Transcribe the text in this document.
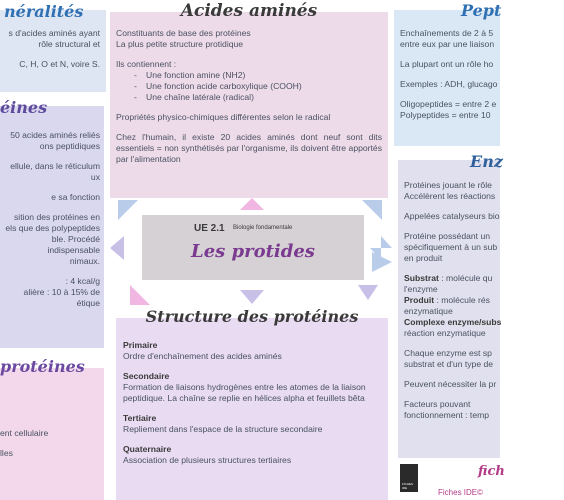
néralités

s d'acides aminés ayant

rôle structural et

C, H, O et N, voire S.

éines

50 acides aminés reliés

ons peptidiques

ellule, dans le réticulum

ux

e sa fonction

sition des protéines en

els que des polypeptides

ble. Procédé indispensable

nimaux.

: 4 kcal/g

alière : 10 à 15% de

étique

protéines

ent cellulaire

lles

Acides aminés

Constituants de base des protéines

La plus petite structure protidique

Ils contiennent :

- Une fonction amine (NH2)
- Une fonction acide carboxylique (COOH)
- Une chaîne latérale (radical)

Propriétés physico-chimiques différentes selon le radical

Chez l'humain, il existe 20 acides aminés dont neuf sont dits essentiels = non synthétisés par l'organisme, ils doivent être apportés par l'alimentation

UE 2.1 Biologie fondamentale
Les protides
Structure des protéines
Primaire

Ordre d'enchaînement des acides aminés

Secondaire

Formation de liaisons hydrogènes entre les atomes de la liaison peptidique. La chaîne se replie en hélices alpha et feuillets bêta

Tertiaire

Repliement dans l'espace de la structure secondaire

Quaternaire

Association de plusieurs structures tertiaires

Pept

Enchaînements de 2 à 5

entre eux par une liaison

La plupart ont un rôle ho

Exemples : ADH, glucago

Oligopeptides = entre 2 e

Polypeptides = entre 10

Enz

Protéines jouant le rôle

Accélèrent les réactions

Appelées catalyseurs bio

Protéine possédant un

spécifiquement à un sub

en produit

Substrat : molécule qu

l'enzyme

Produit : molécule rés

enzymatique

Complexe enzyme/subs

réaction enzymatique

Chaque enzyme est sp

substrat et d'un type de

Peuvent nécessiter la pr

Facteurs pouvant

fonctionnement : temp

FICHES IDE
fich
Fiches IDE©
